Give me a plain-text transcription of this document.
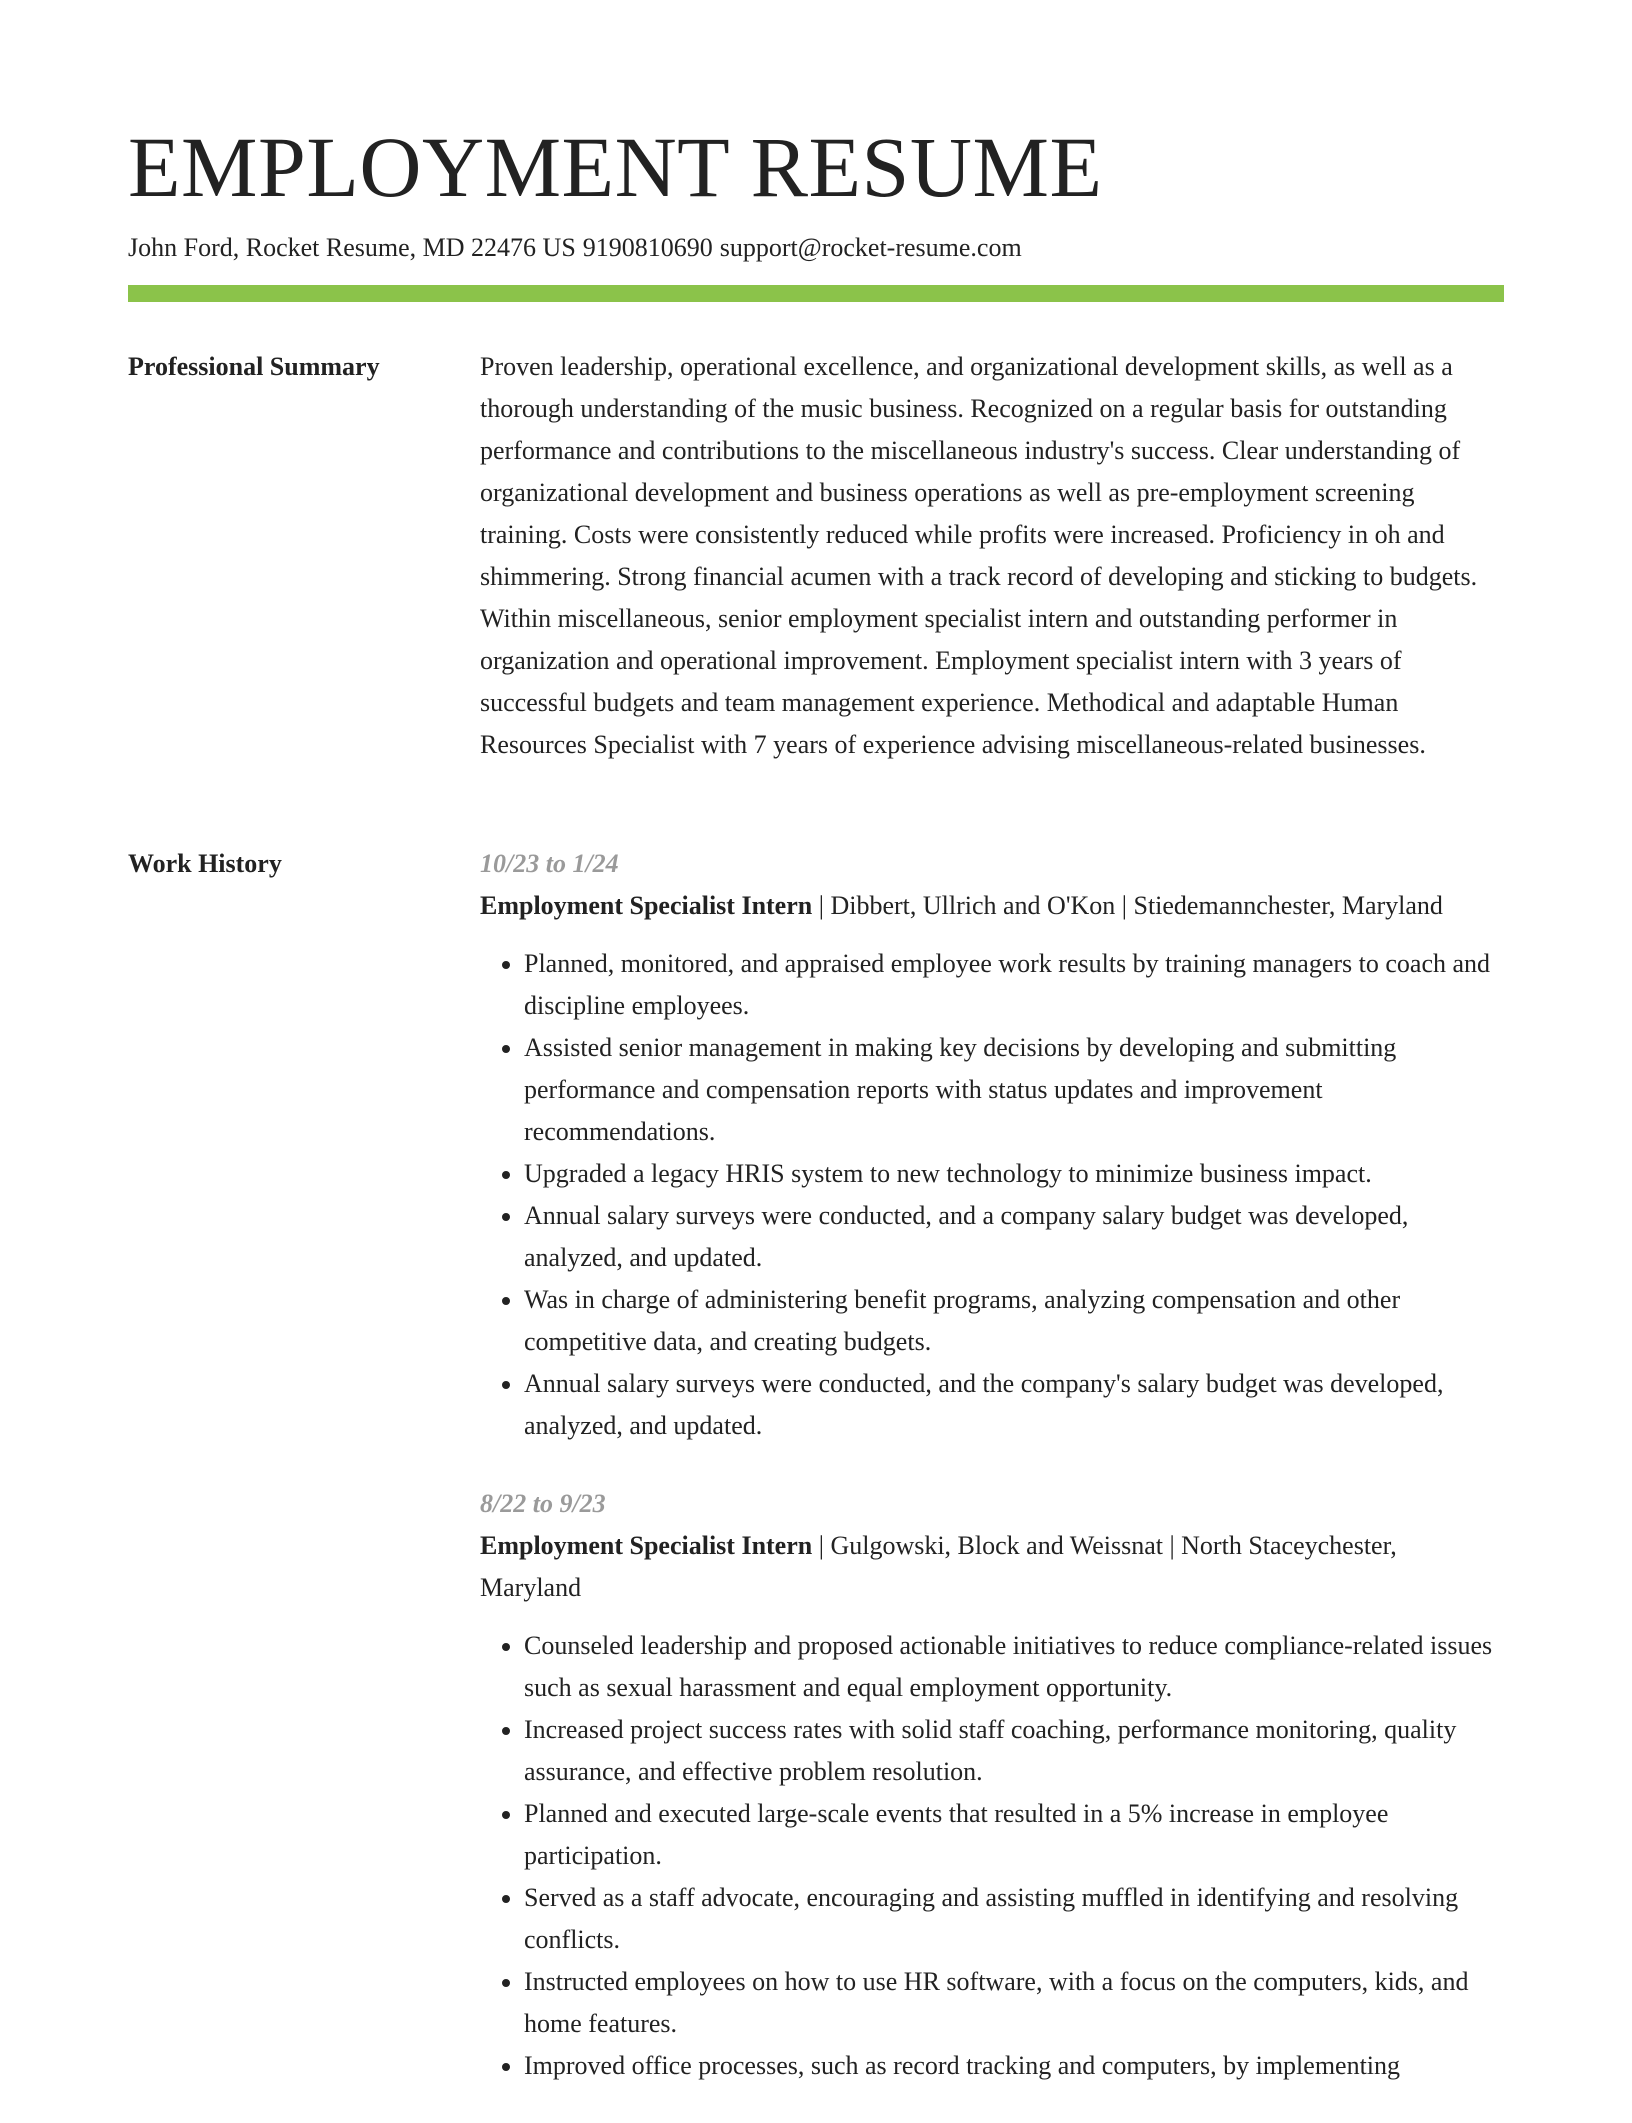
EMPLOYMENT RESUME
John Ford, Rocket Resume, MD 22476 US 9190810690 support@rocket-resume.com
Professional Summary	Proven leadership, operational excellence, and organizational development skills, as well as a thorough understanding of the music business. Recognized on a regular basis for outstanding performance and contributions to the miscellaneous industry's success. Clear understanding of organizational development and business operations as well as pre-employment screening training. Costs were consistently reduced while profits were increased. Proficiency in oh and shimmering. Strong financial acumen with a track record of developing and sticking to budgets. Within miscellaneous, senior employment specialist intern and outstanding performer in organization and operational improvement. Employment specialist intern with 3 years of successful budgets and team management experience. Methodical and adaptable Human Resources Specialist with 7 years of experience advising miscellaneous-related businesses.

Work History	10/23 to 1/24

Employment Specialist Intern | Dibbert, Ullrich and O'Kon | Stiedemannchester, Maryland

• Planned, monitored, and appraised employee work results by training managers to coach and discipline employees.
• Assisted senior management in making key decisions by developing and submitting performance and compensation reports with status updates and improvement recommendations.
• Upgraded a legacy HRIS system to new technology to minimize business impact.
• Annual salary surveys were conducted, and a company salary budget was developed, analyzed, and updated.
• Was in charge of administering benefit programs, analyzing compensation and other competitive data, and creating budgets.
• Annual salary surveys were conducted, and the company's salary budget was developed, analyzed, and updated.
8/22 to 9/23

Employment Specialist Intern | Gulgowski, Block and Weissnat | North Staceychester, Maryland

• Counseled leadership and proposed actionable initiatives to reduce compliance-related issues such as sexual harassment and equal employment opportunity.
• Increased project success rates with solid staff coaching, performance monitoring, quality assurance, and effective problem resolution.
• Planned and executed large-scale events that resulted in a 5% increase in employee participation.
• Served as a staff advocate, encouraging and assisting muffled in identifying and resolving conflicts.
• Instructed employees on how to use HR software, with a focus on the computers, kids, and home features.
• Improved office processes, such as record tracking and computers, by implementing
